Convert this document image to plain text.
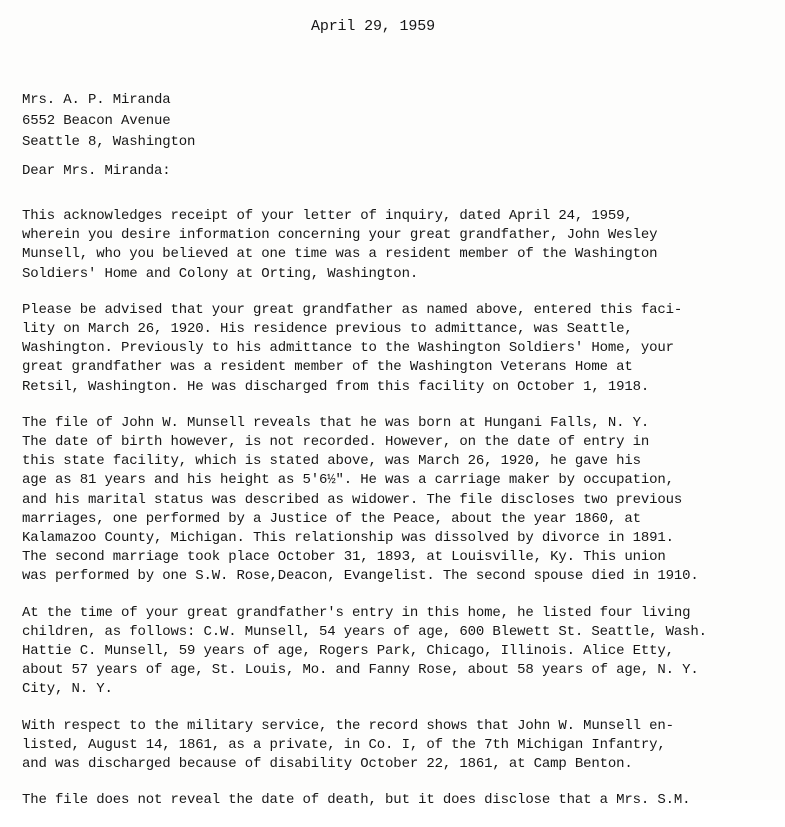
April 29, 1959
Mrs. A. P. Miranda
6552 Beacon Avenue
Seattle 8, Washington
Dear Mrs. Miranda:
This acknowledges receipt of your letter of inquiry, dated April 24, 1959,
wherein you desire information concerning your great grandfather, John Wesley
Munsell, who you believed at one time was a resident member of the Washington
Soldiers' Home and Colony at Orting, Washington.
Please be advised that your great grandfather as named above, entered this faci-
lity on March 26, 1920. His residence previous to admittance, was Seattle,
Washington. Previously to his admittance to the Washington Soldiers' Home, your
great grandfather was a resident member of the Washington Veterans Home at
Retsil, Washington. He was discharged from this facility on October 1, 1918.
The file of John W. Munsell reveals that he was born at Hungani Falls, N. Y.
The date of birth however, is not recorded. However, on the date of entry in
this state facility, which is stated above, was March 26, 1920, he gave his
age as 81 years and his height as 5'6½". He was a carriage maker by occupation,
and his marital status was described as widower. The file discloses two previous
marriages, one performed by a Justice of the Peace, about the year 1860, at
Kalamazoo County, Michigan. This relationship was dissolved by divorce in 1891.
The second marriage took place October 31, 1893, at Louisville, Ky. This union
was performed by one S.W. Rose,Deacon, Evangelist. The second spouse died in 1910.
At the time of your great grandfather's entry in this home, he listed four living
children, as follows: C.W. Munsell, 54 years of age, 600 Blewett St. Seattle, Wash.
Hattie C. Munsell, 59 years of age, Rogers Park, Chicago, Illinois. Alice Etty,
about 57 years of age, St. Louis, Mo. and Fanny Rose, about 58 years of age, N. Y.
City, N. Y.
With respect to the military service, the record shows that John W. Munsell en-
listed, August 14, 1861, as a private, in Co. I, of the 7th Michigan Infantry,
and was discharged because of disability October 22, 1861, at Camp Benton.
The file does not reveal the date of death, but it does disclose that a Mrs. S.M.
